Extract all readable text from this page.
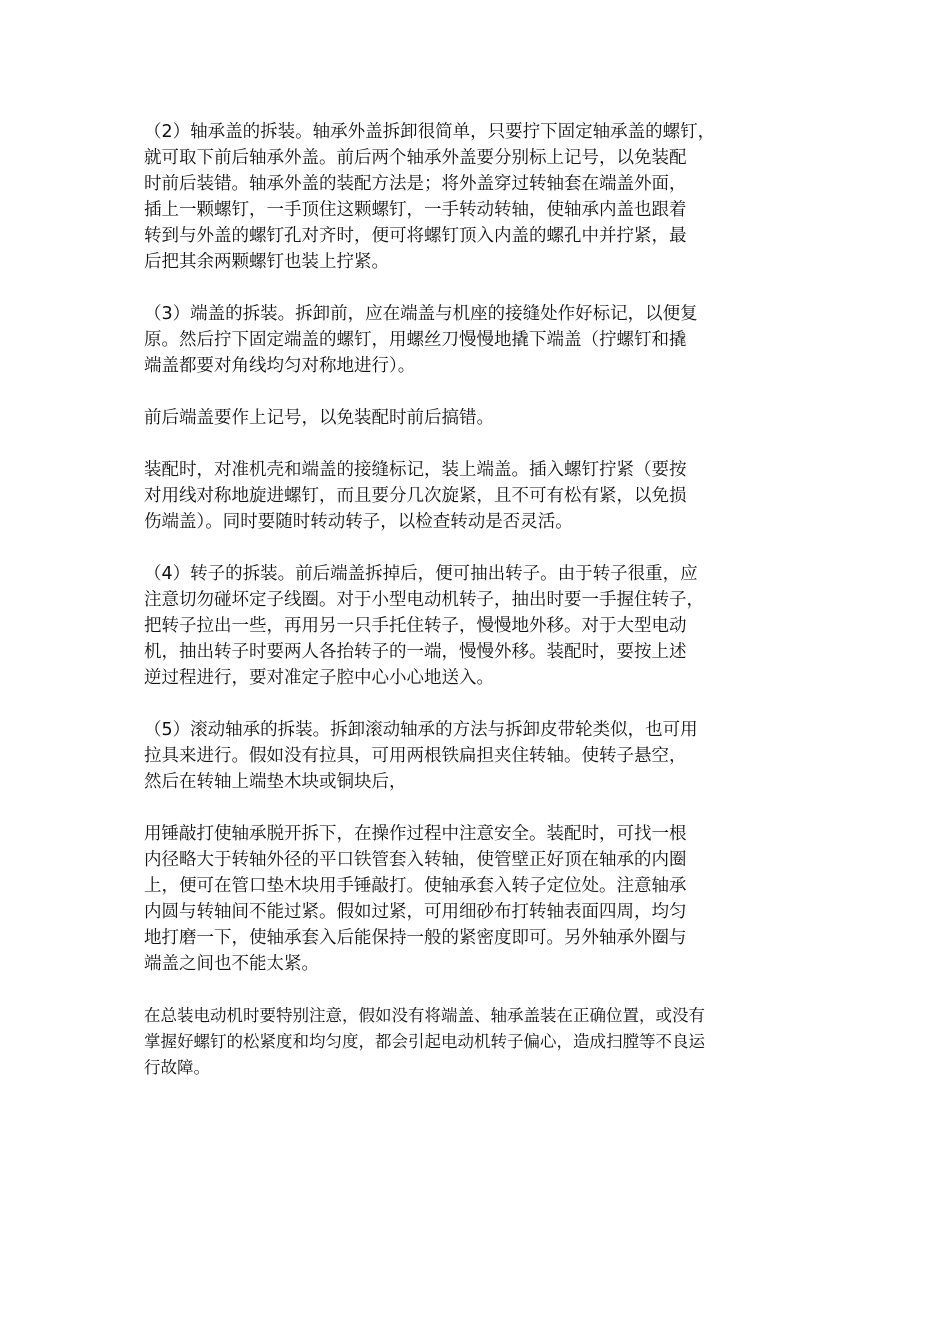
（2）轴承盖的拆装。轴承外盖拆卸很简单，只要拧下固定轴承盖的螺钉，
就可取下前后轴承外盖。前后两个轴承外盖要分别标上记号，以免装配
时前后装错。轴承外盖的装配方法是；将外盖穿过转轴套在端盖外面，
插上一颗螺钉，一手顶住这颗螺钉，一手转动转轴，使轴承内盖也跟着
转到与外盖的螺钉孔对齐时，便可将螺钉顶入内盖的螺孔中并拧紧，最
后把其余两颗螺钉也装上拧紧。

（3）端盖的拆装。拆卸前，应在端盖与机座的接缝处作好标记，以便复
原。然后拧下固定端盖的螺钉，用螺丝刀慢慢地撬下端盖（拧螺钉和撬
端盖都要对角线均匀对称地进行）。

前后端盖要作上记号，以免装配时前后搞错。

装配时，对准机壳和端盖的接缝标记，装上端盖。插入螺钉拧紧（要按
对用线对称地旋进螺钉，而且要分几次旋紧，且不可有松有紧，以免损
伤端盖）。同时要随时转动转子，以检查转动是否灵活。

（4）转子的拆装。前后端盖拆掉后，便可抽出转子。由于转子很重，应
注意切勿碰坏定子线圈。对于小型电动机转子，抽出时要一手握住转子，
把转子拉出一些，再用另一只手托住转子，慢慢地外移。对于大型电动
机，抽出转子时要两人各抬转子的一端，慢慢外移。装配时，要按上述
逆过程进行，要对准定子腔中心小心地送入。

（5）滚动轴承的拆装。拆卸滚动轴承的方法与拆卸皮带轮类似，也可用
拉具来进行。假如没有拉具，可用两根铁扁担夹住转轴。使转子悬空，
然后在转轴上端垫木块或铜块后，

用锤敲打使轴承脱开拆下，在操作过程中注意安全。装配时，可找一根
内径略大于转轴外径的平口铁管套入转轴，使管壁正好顶在轴承的内圈
上，便可在管口垫木块用手锤敲打。使轴承套入转子定位处。注意轴承
内圆与转轴间不能过紧。假如过紧，可用细砂布打转轴表面四周，均匀
地打磨一下，使轴承套入后能保持一般的紧密度即可。另外轴承外圈与
端盖之间也不能太紧。

在总装电动机时要特别注意，假如没有将端盖、轴承盖装在正确位置，或没有
掌握好螺钉的松紧度和均匀度，都会引起电动机转子偏心，造成扫膛等不良运
行故障。
